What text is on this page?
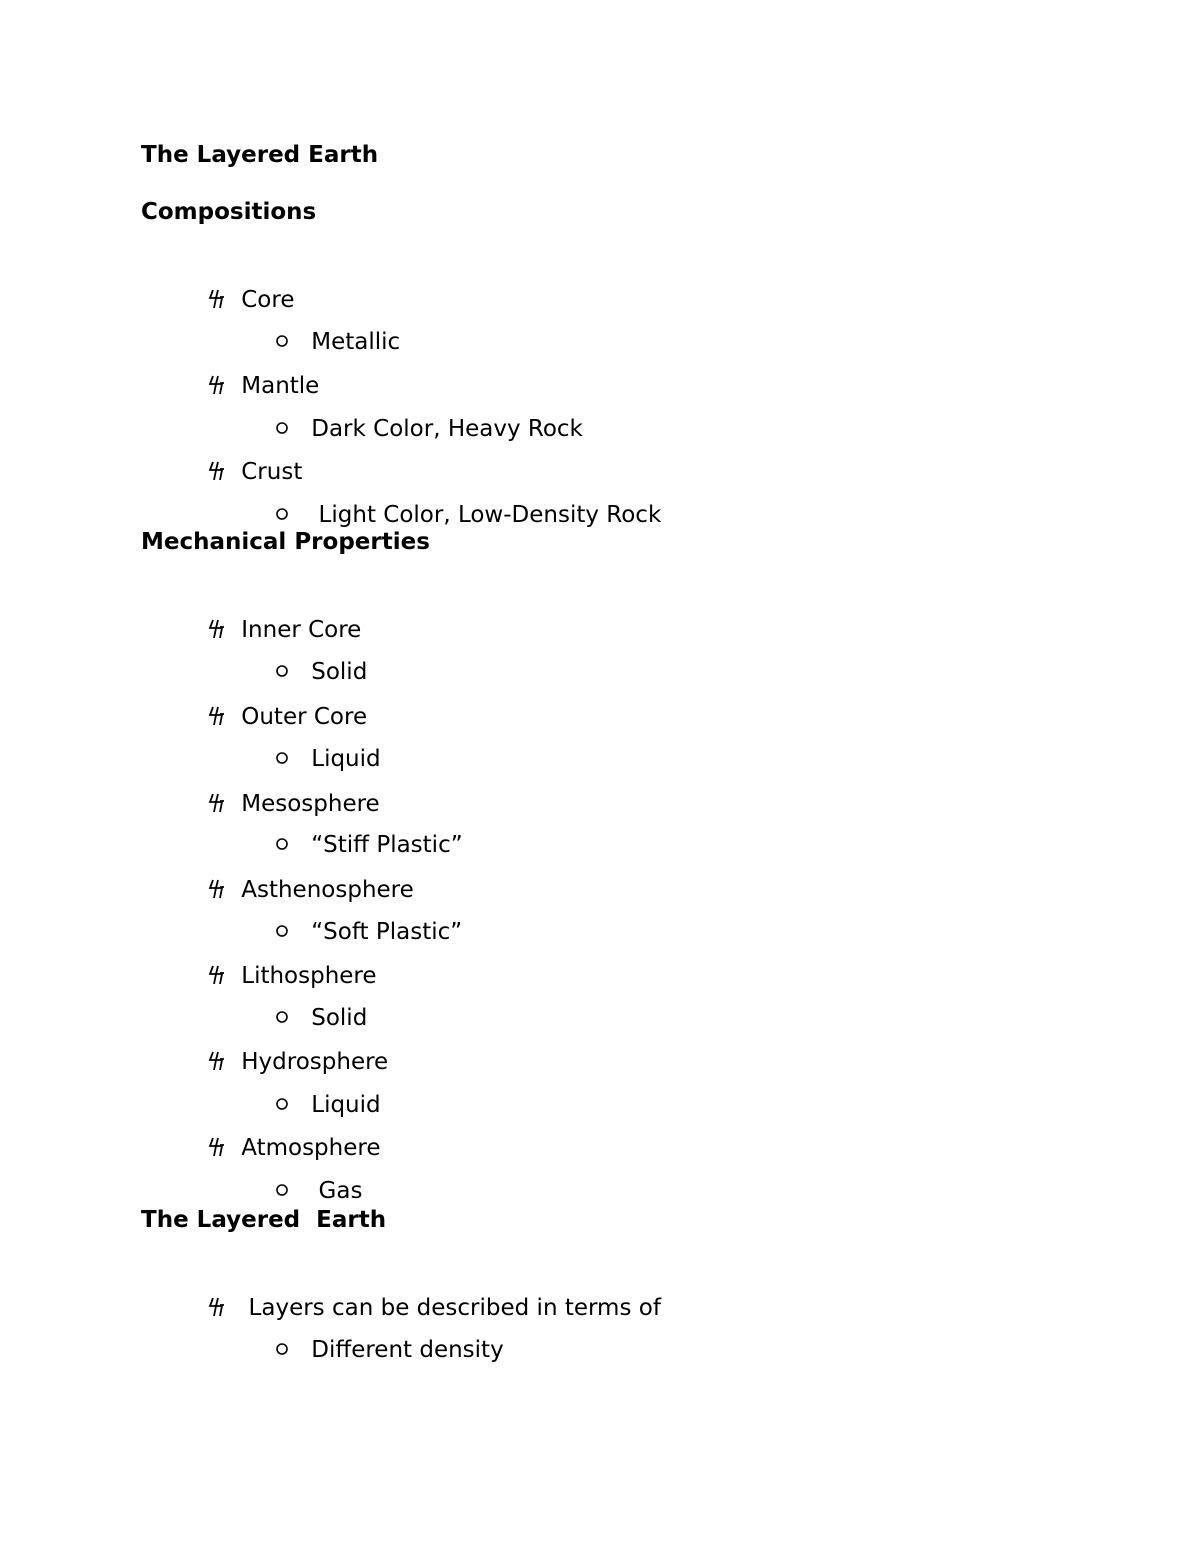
The Layered Earth
Compositions

Core

Metallic

Mantle

Dark Color, Heavy Rock

Crust

Light Color, Low-Density Rock

Mechanical Properties

Inner Core

Solid

Outer Core

Liquid

Mesosphere

“Stiff Plastic”

Asthenosphere

“Soft Plastic”

Lithosphere

Solid

Hydrosphere

Liquid

Atmosphere

Gas

The Layered  Earth

Layers can be described in terms of

Different density
